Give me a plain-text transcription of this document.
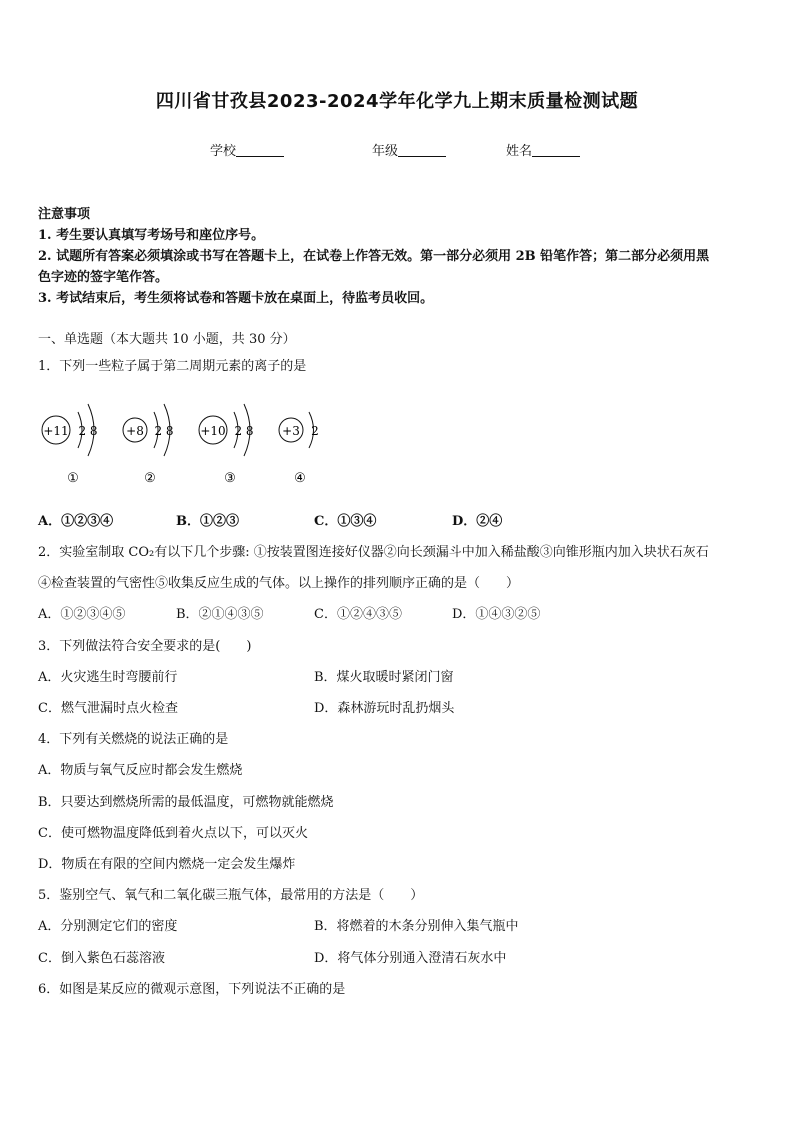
四川省甘孜县2023-2024学年化学九上期末质量检测试题
学校	年级	姓名
注意事项
1. 考生要认真填写考场号和座位序号。
2. 试题所有答案必须填涂或书写在答题卡上，在试卷上作答无效。第一部分必须用 2B 铅笔作答；第二部分必须用黑
色字迹的签字笔作答。
3. 考试结束后，考生须将试卷和答题卡放在桌面上，待监考员收回。
一、单选题（本大题共 10 小题，共 30 分）
1．下列一些粒子属于第二周期元素的离子的是
+11 2 8 +8 2 8 +10 2 8 +3 2
①	②	③	④
A．①②③④	B．①②③	C．①③④	D．②④
2．实验室制取 CO₂有以下几个步骤: ①按装置图连接好仪器②向长颈漏斗中加入稀盐酸③向锥形瓶内加入块状石灰石
④检查装置的气密性⑤收集反应生成的气体。以上操作的排列顺序正确的是（　　）
A．①②③④⑤	B．②①④③⑤	C．①②④③⑤	D．①④③②⑤
3．下列做法符合安全要求的是(　　)
A．火灾逃生时弯腰前行	B．煤火取暖时紧闭门窗
C．燃气泄漏时点火检查	D．森林游玩时乱扔烟头
4．下列有关燃烧的说法正确的是
A．物质与氧气反应时都会发生燃烧
B．只要达到燃烧所需的最低温度，可燃物就能燃烧
C．使可燃物温度降低到着火点以下，可以灭火
D．物质在有限的空间内燃烧一定会发生爆炸
5．鉴别空气、氧气和二氧化碳三瓶气体，最常用的方法是（　　）
A．分别测定它们的密度	B．将燃着的木条分别伸入集气瓶中
C．倒入紫色石蕊溶液	D．将气体分别通入澄清石灰水中
6．如图是某反应的微观示意图，下列说法不正确的是
